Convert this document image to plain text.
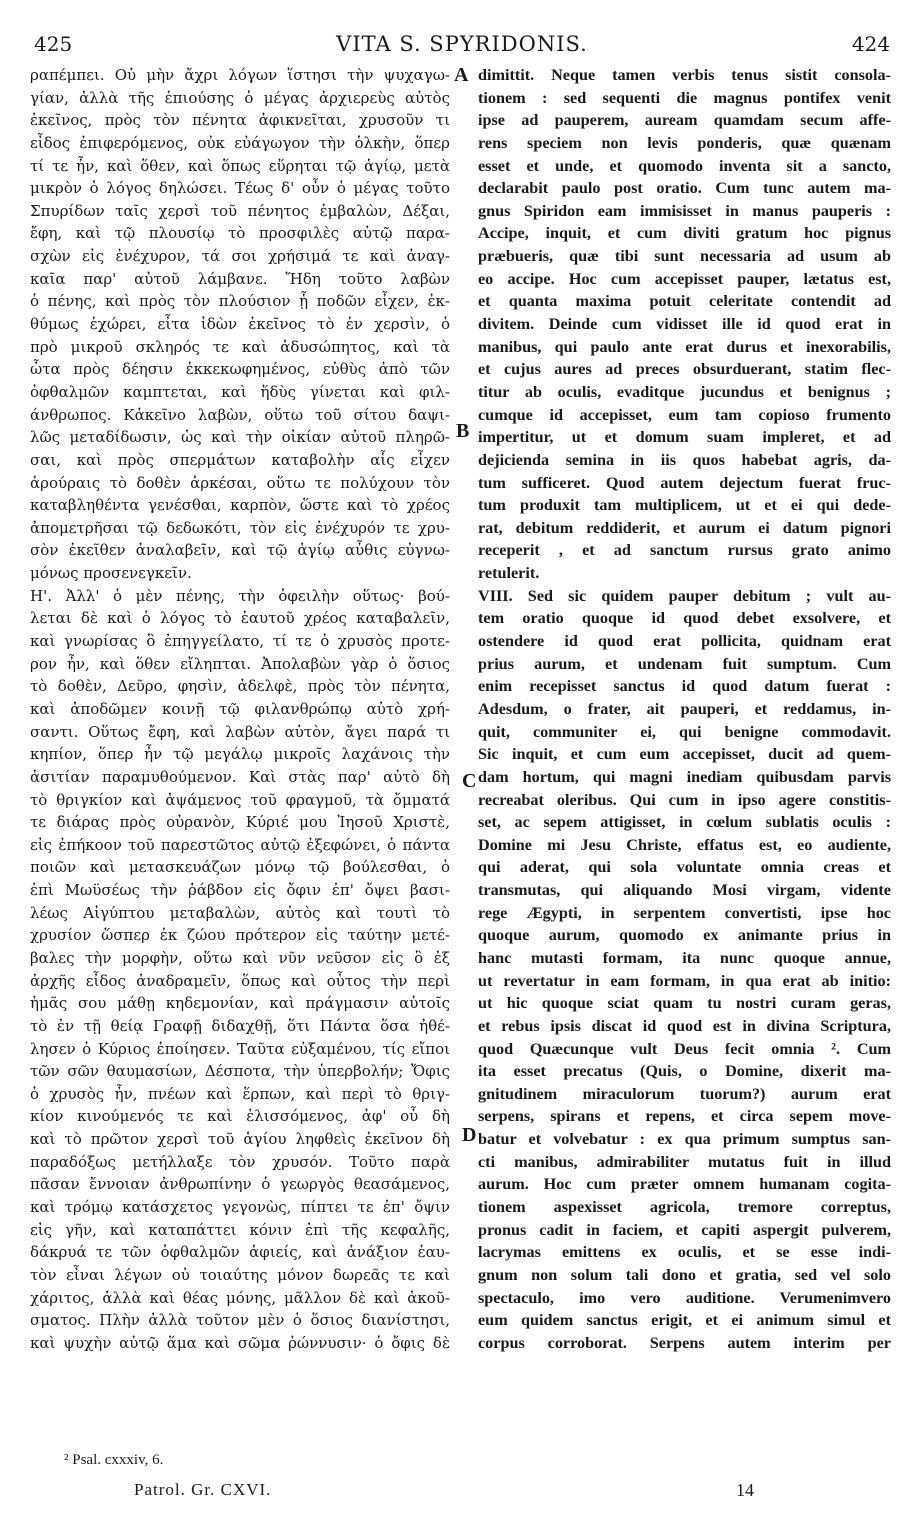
425	VITA S. SPYRIDONIS.	424
ραπέμπει. Οὐ μὴν ἄχρι λόγων ἵστησι τὴν ψυχαγω-
γίαν, ἀλλὰ τῆς ἐπιούσης ὁ μέγας ἀρχιερεὺς αὐτὸς
ἐκεῖνος, πρὸς τὸν πένητα ἀφικνεῖται, χρυσοῦν τι
εἶδος ἐπιφερόμενος, οὐκ εὐάγωγον τὴν ὁλκὴν, ὅπερ
τί τε ἦν, καὶ ὅθεν, καὶ ὅπως εὕρηται τῷ ἁγίῳ, μετὰ
μικρὸν ὁ λόγος δηλώσει. Τέως δ' οὖν ὁ μέγας τοῦτο
Σπυρίδων ταῖς χερσὶ τοῦ πένητος ἐμβαλὼν, Δέξαι,
ἔφη, καὶ τῷ πλουσίῳ τὸ προσφιλὲς αὐτῷ παρα-
σχὼν εἰς ἐνέχυρον, τά σοι χρήσιμά τε καὶ ἀναγ-
καῖα παρ' αὐτοῦ λάμβανε. Ἤδη τοῦτο λαβὼν
ὁ πένης, καὶ πρὸς τὸν πλούσιον ᾗ ποδῶν εἶχεν, ἐκ-
θύμως ἐχώρει, εἶτα ἰδὼν ἐκεῖνος τὸ ἐν χερσὶν, ὁ
πρὸ μικροῦ σκληρός τε καὶ ἀδυσώπητος, καὶ τὰ
ὦτα πρὸς δέησιν ἐκκεκωφημένος, εὐθὺς ἀπὸ τῶν
ὀφθαλμῶν καμπτεται, καὶ ἥδὺς γίνεται καὶ φιλ-
άνθρωπος. Κἀκεῖνο λαβὼν, οὕτω τοῦ σίτου δαψι-
λῶς μεταδίδωσιν, ὡς καὶ τὴν οἰκίαν αὐτοῦ πληρῶ-
σαι, καὶ πρὸς σπερμάτων καταβολὴν αἷς εἶχεν
ἀρούραις τὸ δοθὲν ἀρκέσαι, οὕτω τε πολύχουν τὸν
καταβληθέντα γενέσθαι, καρπὸν, ὥστε καὶ τὸ χρέος
ἀπομετρῆσαι τῷ δεδωκότι, τὸν εἰς ἐνέχυρόν τε χρυ-
σὸν ἐκεῖθεν ἀναλαβεῖν, καὶ τῷ ἁγίῳ αὖθις εὐγνω-
μόνως προσενεγκεῖν.
Η'. Ἀλλ' ὁ μὲν πένης, τὴν ὀφειλὴν οὕτως· βού-
λεται δὲ καὶ ὁ λόγος τὸ ἑαυτοῦ χρέος καταβαλεῖν,
καὶ γνωρίσας ὃ ἐπηγγείλατο, τί τε ὁ χρυσὸς προτε-
ρον ἦν, καὶ ὅθεν εἴληπται. Ἀπολαβὼν γὰρ ὁ ὅσιος
τὸ δοθὲν, Δεῦρο, φησὶν, ἀδελφὲ, πρὸς τὸν πένητα,
καὶ ἀποδῶμεν κοινῇ τῷ φιλανθρώπῳ αὐτὸ χρή-
σαντι. Οὕτως ἔφη, καὶ λαβὼν αὐτὸν, ἄγει παρά τι
κηπίον, ὅπερ ἦν τῷ μεγάλῳ μικροῖς λαχάνοις τὴν
ἀσιτίαν παραμυθούμενον. Καὶ στὰς παρ' αὐτὸ δὴ
τὸ θριγκίον καὶ ἁψάμενος τοῦ φραγμοῦ, τὰ ὄμματά
τε διάρας πρὸς οὐρανὸν, Κύριέ μου Ἰησοῦ Χριστὲ,
εἰς ἐπήκοον τοῦ παρεστῶτος αὐτῷ ἐξεφώνει, ὁ πάντα
ποιῶν καὶ μετασκευάζων μόνῳ τῷ βούλεσθαι, ὁ
ἐπὶ Μωϋσέως τὴν ῥάβδον εἰς ὄφιν ἐπ' ὄψει βασι-
λέως Αἰγύπτου μεταβαλὼν, αὐτὸς καὶ τουτὶ τὸ
χρυσίον ὥσπερ ἐκ ζώου πρότερον εἰς ταύτην μετέ-
βαλες τὴν μορφὴν, οὕτω καὶ νῦν νεῦσον εἰς ὃ ἐξ
ἀρχῆς εἶδος ἀναδραμεῖν, ὅπως καὶ οὗτος τὴν περὶ
ἡμᾶς σου μάθῃ κηδεμονίαν, καὶ πράγμασιν αὐτοῖς
τὸ ἐν τῇ θείᾳ Γραφῇ διδαχθῇ, ὅτι Πάντα ὅσα ἠθέ-
λησεν ὁ Κύριος ἐποίησεν. Ταῦτα εὐξαμένου, τίς εἴποι
τῶν σῶν θαυμασίων, Δέσποτα, τὴν ὑπερβολήν; Ὄφις
ὁ χρυσὸς ἦν, πνέων καὶ ἕρπων, καὶ περὶ τὸ θριγ-
κίον κινούμενός τε καὶ ἑλισσόμενος, ἀφ' οὗ δὴ
καὶ τὸ πρῶτον χερσὶ τοῦ ἁγίου ληφθεὶς ἐκεῖνον δὴ
παραδόξως μετήλλαξε τὸν χρυσόν. Τοῦτο παρὰ
πᾶσαν ἔννοιαν ἀνθρωπίνην ὁ γεωργὸς θεασάμενος,
καὶ τρόμῳ κατάσχετος γεγονὼς, πίπτει τε ἐπ' ὄψιν
εἰς γῆν, καὶ καταπάττει κόνιν ἐπὶ τῆς κεφαλῆς,
δάκρυά τε τῶν ὀφθαλμῶν ἀφιείς, καὶ ἀνάξιον ἑαυ-
τὸν εἶναι λέγων οὐ τοιαύτης μόνον δωρεᾶς τε καὶ
χάριτος, ἀλλὰ καὶ θέας μόνης, μᾶλλον δὲ καὶ ἀκοῦ-
σματος. Πλὴν ἀλλὰ τοῦτον μὲν ὁ ὅσιος διανίστησι,
καὶ ψυχὴν αὐτῷ ἅμα καὶ σῶμα ῥώννυσιν· ὁ ὄφις δὲ
dimittit. Neque tamen verbis tenus sistit consola-
tionem : sed sequenti die magnus pontifex venit
ipse ad pauperem, auream quamdam secum affe-
rens speciem non levis ponderis, quæ quænam
esset et unde, et quomodo inventa sit a sancto,
declarabit paulo post oratio. Cum tunc autem ma-
gnus Spiridon eam immisisset in manus pauperis :
Accipe, inquit, et cum diviti gratum hoc pignus
præbueris, quæ tibi sunt necessaria ad usum ab
eo accipe. Hoc cum accepisset pauper, lætatus est,
et quanta maxima potuit celeritate contendit ad
divitem. Deinde cum vidisset ille id quod erat in
manibus, qui paulo ante erat durus et inexorabilis,
et cujus aures ad preces obsurduerant, statim flec-
titur ab oculis, evaditque jucundus et benignus ;
cumque id accepisset, eum tam copioso frumento
impertitur, ut et domum suam impleret, et ad
dejicienda semina in iis quos habebat agris, da-
tum sufficeret. Quod autem dejectum fuerat fruc-
tum produxit tam multiplicem, ut et ei qui dede-
rat, debitum reddiderit, et aurum ei datum pignori
receperit , et ad sanctum rursus grato animo
retulerit.
VIII. Sed sic quidem pauper debitum ; vult au-
tem oratio quoque id quod debet exsolvere, et
ostendere id quod erat pollicita, quidnam erat
prius aurum, et undenam fuit sumptum. Cum
enim recepisset sanctus id quod datum fuerat :
Adesdum, o frater, ait pauperi, et reddamus, in-
quit, communiter ei, qui benigne commodavit.
Sic inquit, et cum eum accepisset, ducit ad quem-
dam hortum, qui magni inediam quibusdam parvis
recreabat oleribus. Qui cum in ipso agere constitis-
set, ac sepem attigisset, in cœlum sublatis oculis :
Domine mi Jesu Christe, effatus est, eo audiente,
qui aderat, qui sola voluntate omnia creas et
transmutas, qui aliquando Mosi virgam, vidente
rege Ægypti, in serpentem convertisti, ipse hoc
quoque aurum, quomodo ex animante prius in
hanc mutasti formam, ita nunc quoque annue,
ut revertatur in eam formam, in qua erat ab initio:
ut hic quoque sciat quam tu nostri curam geras,
et rebus ipsis discat id quod est in divina Scriptura,
quod Quæcunque vult Deus fecit omnia ². Cum
ita esset precatus (Quis, o Domine, dixerit ma-
gnitudinem miraculorum tuorum?) aurum erat
serpens, spirans et repens, et circa sepem move-
batur et volvebatur : ex qua primum sumptus san-
cti manibus, admirabiliter mutatus fuit in illud
aurum. Hoc cum præter omnem humanam cogita-
tionem aspexisset agricola, tremore correptus,
pronus cadit in faciem, et capiti aspergit pulverem,
lacrymas emittens ex oculis, et se esse indi-
gnum non solum tali dono et gratia, sed vel solo
spectaculo, imo vero auditione. Verumenimvero
eum quidem sanctus erigit, et ei animum simul et
corpus corroborat. Serpens autem interim per
A
B
C
D
² Psal. cxxxiv, 6.
Patrol. Gr. CXVI.	14
